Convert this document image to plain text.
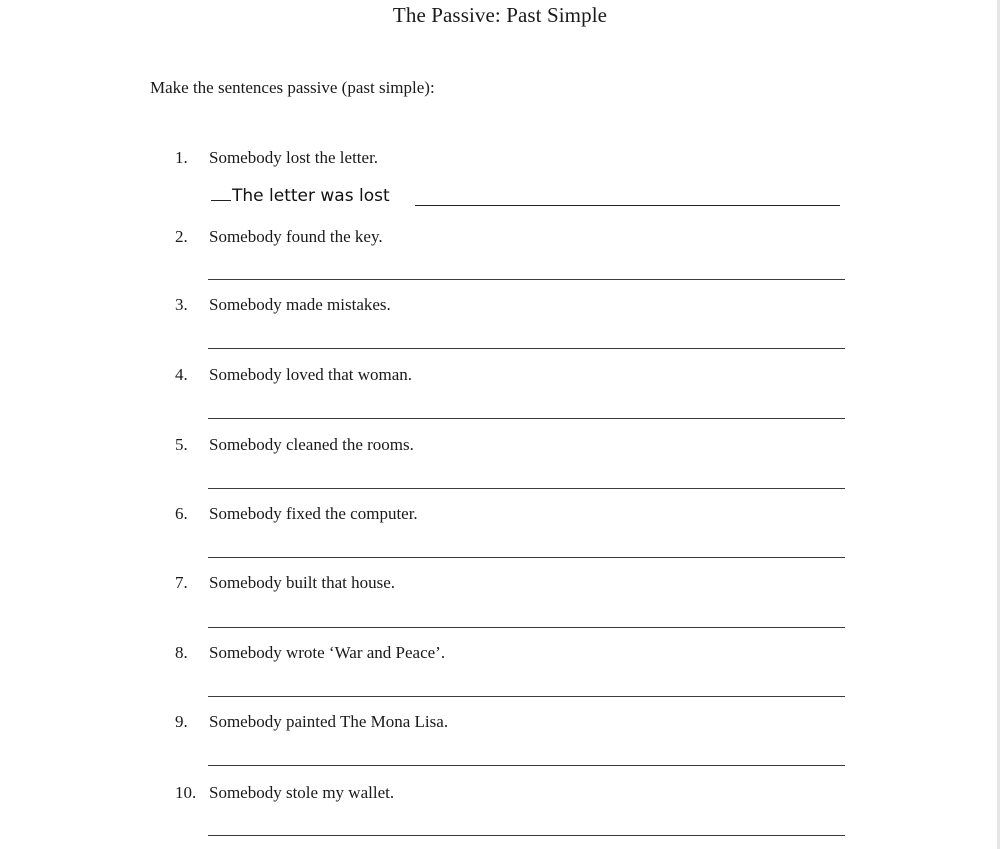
The Passive: Past Simple
Make the sentences passive (past simple):
1. Somebody lost the letter.
The letter was lost
2. Somebody found the key.
3. Somebody made mistakes.
4. Somebody loved that woman.
5. Somebody cleaned the rooms.
6. Somebody fixed the computer.
7. Somebody built that house.
8. Somebody wrote ‘War and Peace’.
9. Somebody painted The Mona Lisa.
10. Somebody stole my wallet.
